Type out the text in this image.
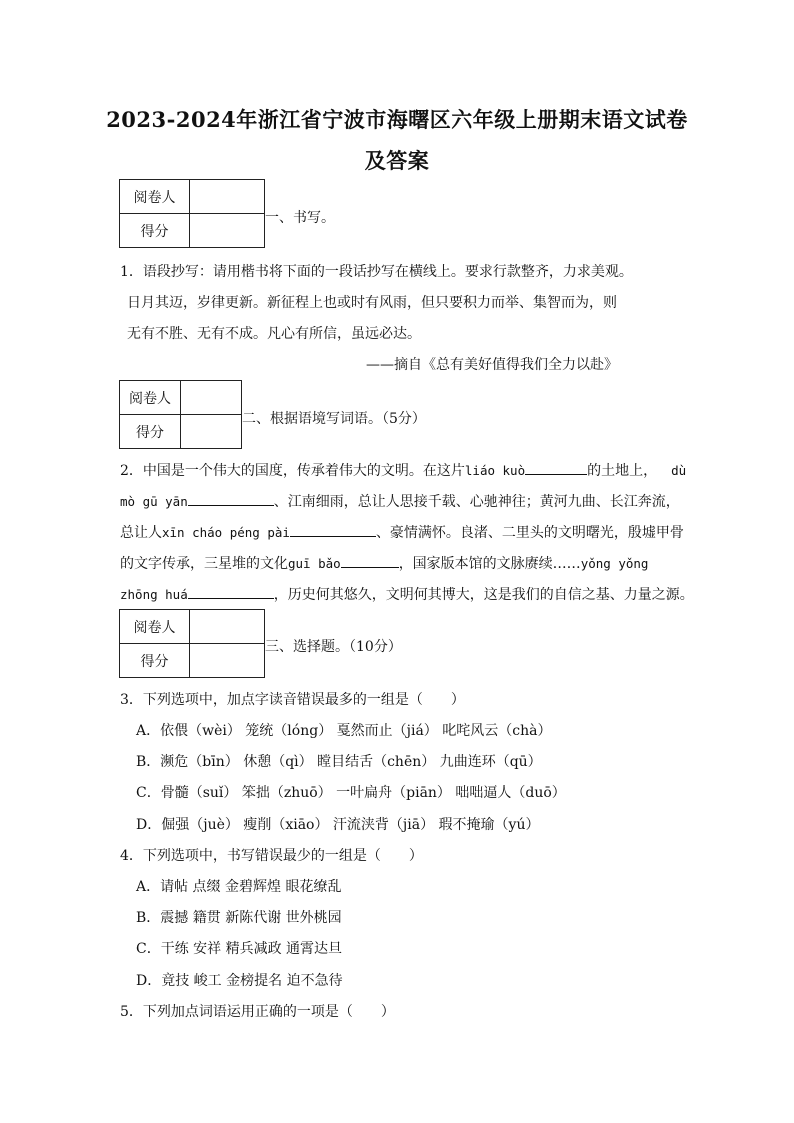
2023-2024年浙江省宁波市海曙区六年级上册期末语文试卷
及答案
阅卷人	
得分	
一、书写。
1．语段抄写：请用楷书将下面的一段话抄写在横线上。要求行款整齐，力求美观。
日月其迈，岁律更新。新征程上也或时有风雨，但只要积力而举、集智而为，则
无有不胜、无有不成。凡心有所信，虽远必达。
——摘自《总有美好值得我们全力以赴》
阅卷人	
得分	
二、根据语境写词语。（5分）
2．中国是一个伟大的国度，传承着伟大的文明。在这片liáo kuò	的土地上， dù
mò gū yān	、江南细雨，总让人思接千载、心驰神往；黄河九曲、长江奔流，
总让人xīn cháo péng pài	、豪情满怀。良渚、二里头的文明曙光，殷墟甲骨
的文字传承，三星堆的文化guī bǎo	，国家版本馆的文脉赓续……yǒng yǒng
zhōng huá	，历史何其悠久，文明何其博大，这是我们的自信之基、力量之源。
阅卷人	
得分	
三、选择题。（10分）
3．下列选项中，加点字读音错误最多的一组是（　　）
A．依偎（wèi） 笼统（lóng） 戛然而止（jiá） 叱咤风云（chà）
B．濒危（bīn） 休憩（qì） 瞠目结舌（chēn） 九曲连环（qū）
C．骨髓（suǐ） 笨拙（zhuō） 一叶扁舟（piān） 咄咄逼人（duō）
D．倔强（juè） 瘦削（xiāo） 汗流浃背（jiā） 瑕不掩瑜（yú）
4．下列选项中，书写错误最少的一组是（　　）
A．请帖 点缀 金碧辉煌 眼花缭乱
B．震撼 籍贯 新陈代谢 世外桃园
C．干练 安祥 精兵减政 通霄达旦
D．竟技 峻工 金榜提名 迫不急待
5．下列加点词语运用正确的一项是（　　）
